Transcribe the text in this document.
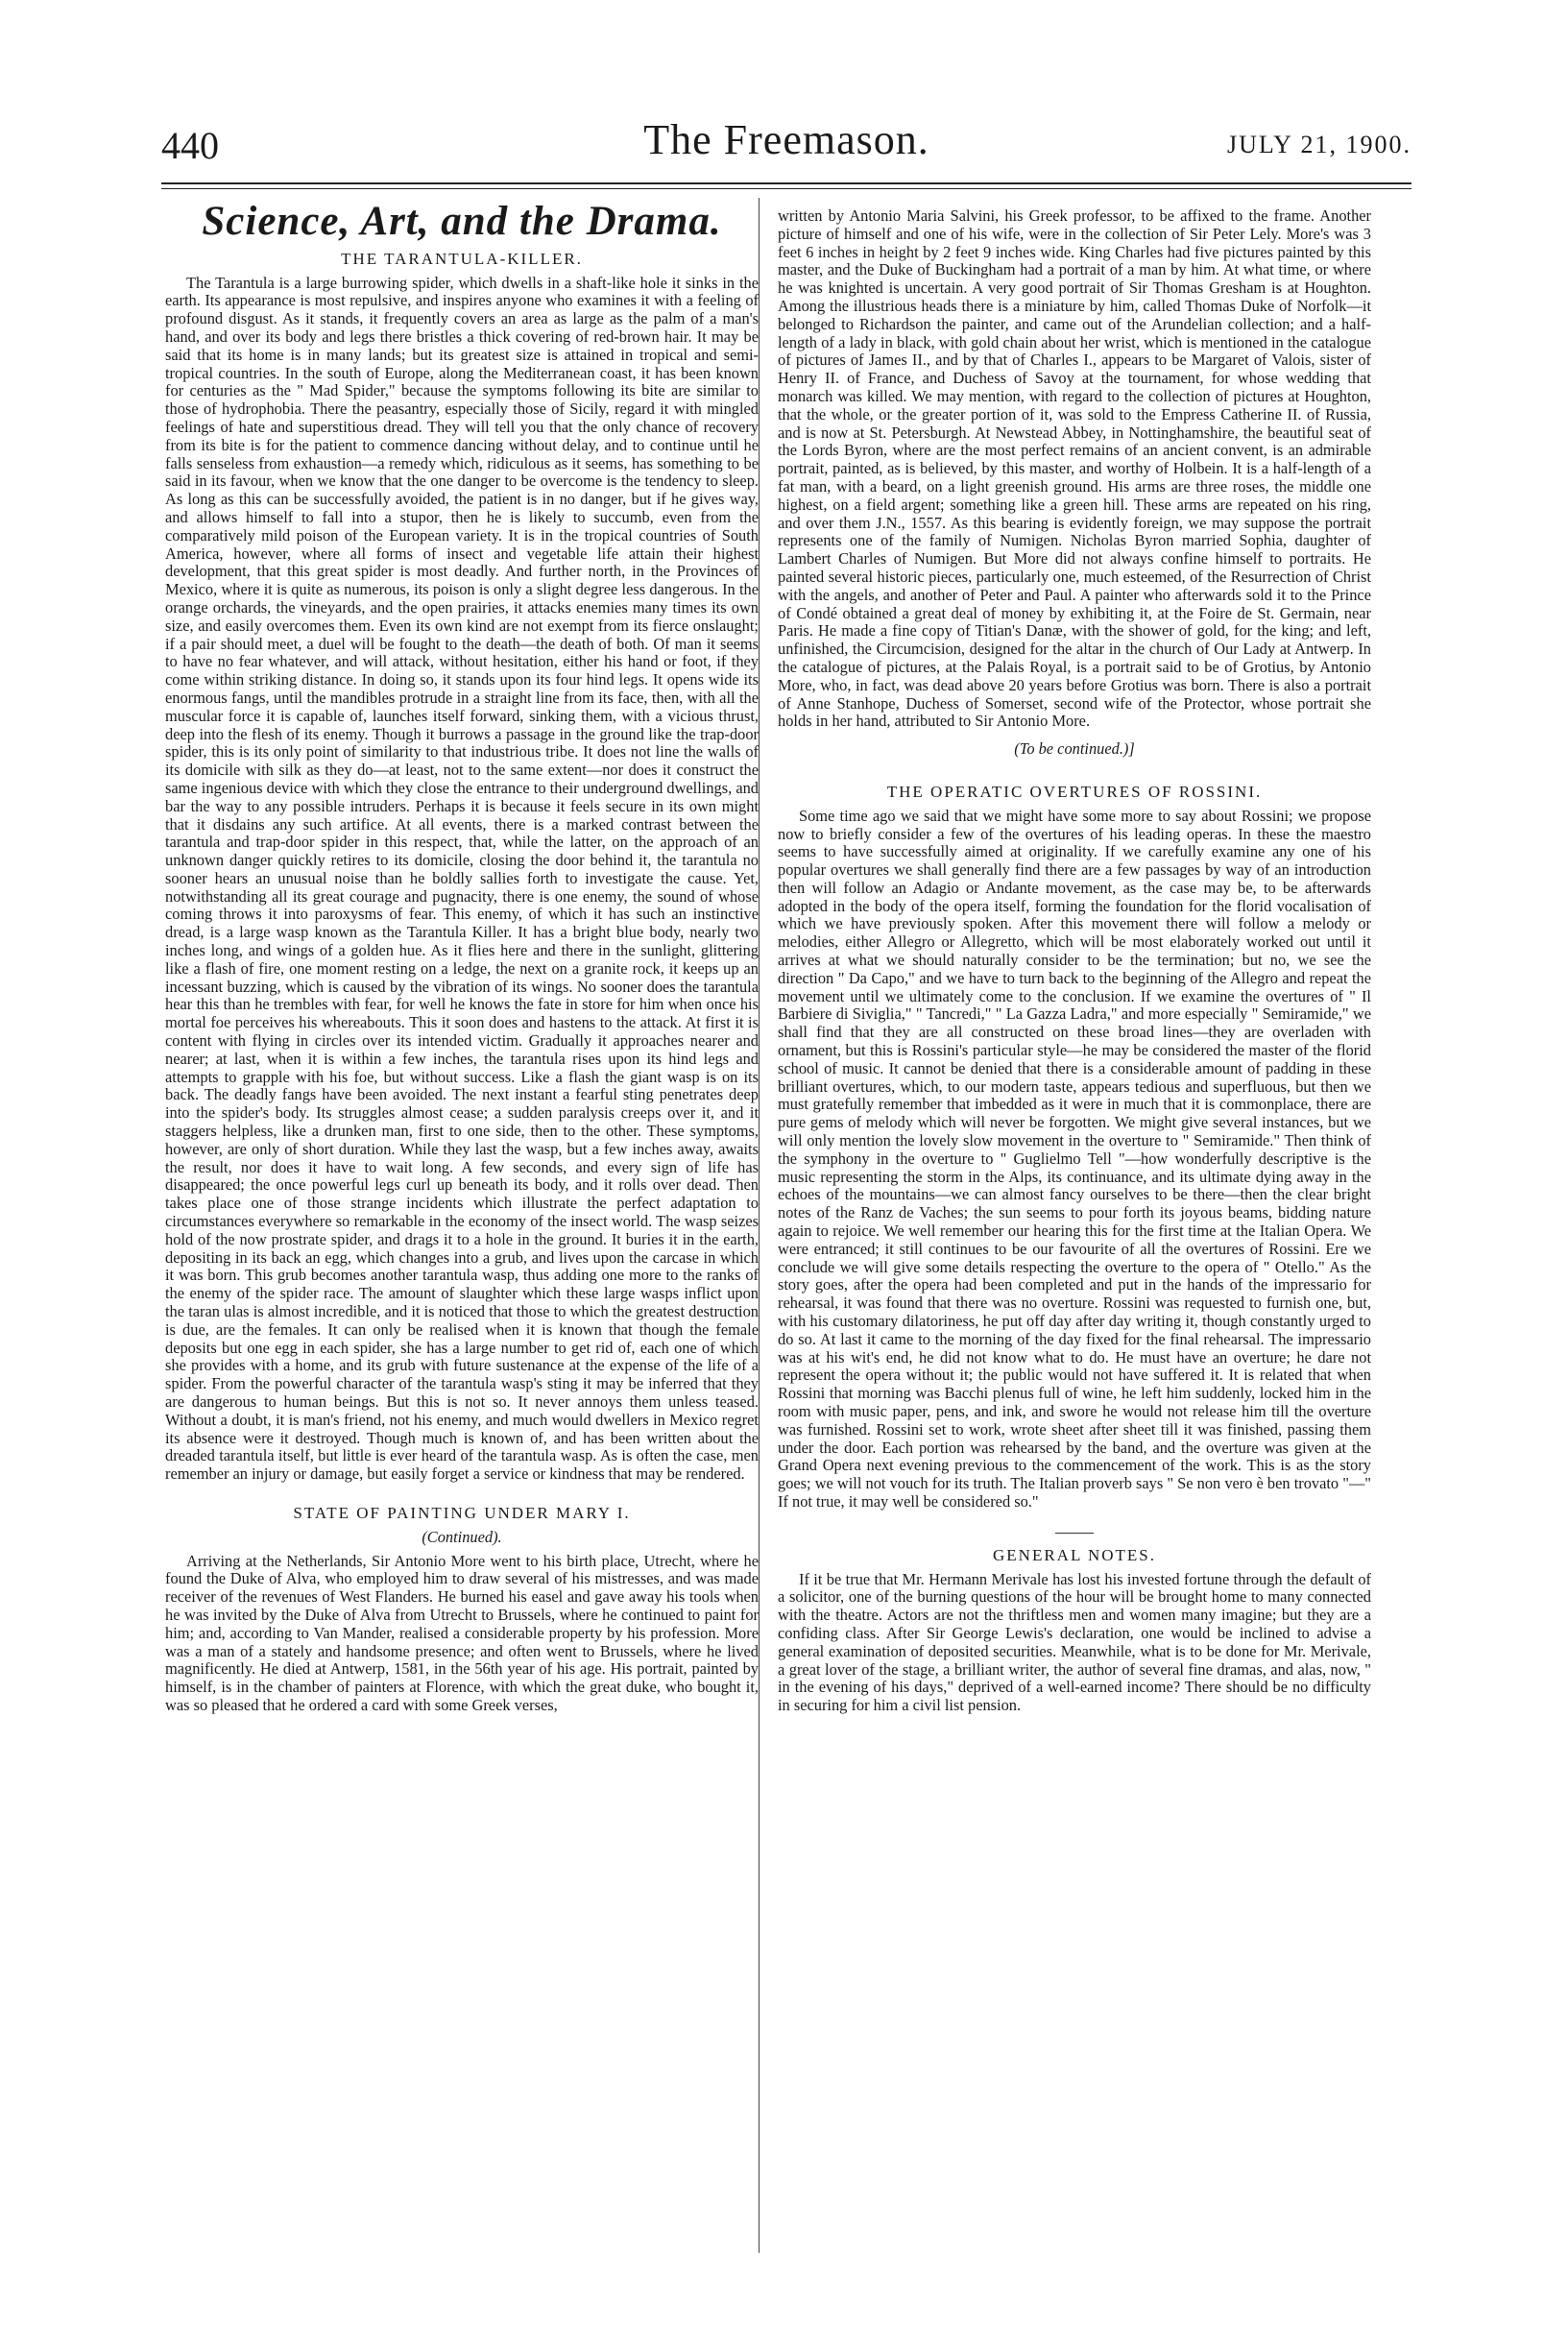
440	The Freemason.	JULY 21, 1900.
Science, Art, and the Drama.
THE TARANTULA-KILLER.

The Tarantula is a large burrowing spider, which dwells in a shaft-like hole it sinks in the earth. Its appearance is most repulsive, and inspires anyone who examines it with a feeling of profound disgust. As it stands, it frequently covers an area as large as the palm of a man's hand, and over its body and legs there bristles a thick covering of red-brown hair. It may be said that its home is in many lands; but its greatest size is attained in tropical and semi-tropical countries. In the south of Europe, along the Mediterranean coast, it has been known for centuries as the " Mad Spider," because the symptoms following its bite are similar to those of hydrophobia. There the peasantry, especially those of Sicily, regard it with mingled feelings of hate and superstitious dread. They will tell you that the only chance of recovery from its bite is for the patient to commence dancing without delay, and to continue until he falls senseless from exhaustion—a remedy which, ridiculous as it seems, has something to be said in its favour, when we know that the one danger to be overcome is the tendency to sleep. As long as this can be successfully avoided, the patient is in no danger, but if he gives way, and allows himself to fall into a stupor, then he is likely to succumb, even from the comparatively mild poison of the European variety. It is in the tropical countries of South America, however, where all forms of insect and vegetable life attain their highest development, that this great spider is most deadly. And further north, in the Provinces of Mexico, where it is quite as numerous, its poison is only a slight degree less dangerous. In the orange orchards, the vineyards, and the open prairies, it attacks enemies many times its own size, and easily overcomes them. Even its own kind are not exempt from its fierce onslaught; if a pair should meet, a duel will be fought to the death—the death of both. Of man it seems to have no fear whatever, and will attack, without hesitation, either his hand or foot, if they come within striking distance. In doing so, it stands upon its four hind legs. It opens wide its enormous fangs, until the mandibles protrude in a straight line from its face, then, with all the muscular force it is capable of, launches itself forward, sinking them, with a vicious thrust, deep into the flesh of its enemy. Though it burrows a passage in the ground like the trap-door spider, this is its only point of similarity to that industrious tribe. It does not line the walls of its domicile with silk as they do—at least, not to the same extent—nor does it construct the same ingenious device with which they close the entrance to their underground dwellings, and bar the way to any possible intruders. Perhaps it is because it feels secure in its own might that it disdains any such artifice. At all events, there is a marked contrast between the tarantula and trap-door spider in this respect, that, while the latter, on the approach of an unknown danger quickly retires to its domicile, closing the door behind it, the tarantula no sooner hears an unusual noise than he boldly sallies forth to investigate the cause. Yet, notwithstanding all its great courage and pugnacity, there is one enemy, the sound of whose coming throws it into paroxysms of fear. This enemy, of which it has such an instinctive dread, is a large wasp known as the Tarantula Killer. It has a bright blue body, nearly two inches long, and wings of a golden hue. As it flies here and there in the sunlight, glittering like a flash of fire, one moment resting on a ledge, the next on a granite rock, it keeps up an incessant buzzing, which is caused by the vibration of its wings. No sooner does the tarantula hear this than he trembles with fear, for well he knows the fate in store for him when once his mortal foe perceives his whereabouts. This it soon does and hastens to the attack. At first it is content with flying in circles over its intended victim. Gradually it approaches nearer and nearer; at last, when it is within a few inches, the tarantula rises upon its hind legs and attempts to grapple with his foe, but without success. Like a flash the giant wasp is on its back. The deadly fangs have been avoided. The next instant a fearful sting penetrates deep into the spider's body. Its struggles almost cease; a sudden paralysis creeps over it, and it staggers helpless, like a drunken man, first to one side, then to the other. These symptoms, however, are only of short duration. While they last the wasp, but a few inches away, awaits the result, nor does it have to wait long. A few seconds, and every sign of life has disappeared; the once powerful legs curl up beneath its body, and it rolls over dead. Then takes place one of those strange incidents which illustrate the perfect adaptation to circumstances everywhere so remarkable in the economy of the insect world. The wasp seizes hold of the now prostrate spider, and drags it to a hole in the ground. It buries it in the earth, depositing in its back an egg, which changes into a grub, and lives upon the carcase in which it was born. This grub becomes another tarantula wasp, thus adding one more to the ranks of the enemy of the spider race. The amount of slaughter which these large wasps inflict upon the taran ulas is almost incredible, and it is noticed that those to which the greatest destruction is due, are the females. It can only be realised when it is known that though the female deposits but one egg in each spider, she has a large number to get rid of, each one of which she provides with a home, and its grub with future sustenance at the expense of the life of a spider. From the powerful character of the tarantula wasp's sting it may be inferred that they are dangerous to human beings. But this is not so. It never annoys them unless teased. Without a doubt, it is man's friend, not his enemy, and much would dwellers in Mexico regret its absence were it destroyed. Though much is known of, and has been written about the dreaded tarantula itself, but little is ever heard of the tarantula wasp. As is often the case, men remember an injury or damage, but easily forget a service or kindness that may be rendered.

STATE OF PAINTING UNDER MARY I.
(Continued).

Arriving at the Netherlands, Sir Antonio More went to his birth place, Utrecht, where he found the Duke of Alva, who employed him to draw several of his mistresses, and was made receiver of the revenues of West Flanders. He burned his easel and gave away his tools when he was invited by the Duke of Alva from Utrecht to Brussels, where he continued to paint for him; and, according to Van Mander, realised a considerable property by his profession. More was a man of a stately and handsome presence; and often went to Brussels, where he lived magnificently. He died at Antwerp, 1581, in the 56th year of his age. His portrait, painted by himself, is in the chamber of painters at Florence, with which the great duke, who bought it, was so pleased that he ordered a card with some Greek verses,

written by Antonio Maria Salvini, his Greek professor, to be affixed to the frame. Another picture of himself and one of his wife, were in the collection of Sir Peter Lely. More's was 3 feet 6 inches in height by 2 feet 9 inches wide. King Charles had five pictures painted by this master, and the Duke of Buckingham had a portrait of a man by him. At what time, or where he was knighted is uncertain. A very good portrait of Sir Thomas Gresham is at Houghton. Among the illustrious heads there is a miniature by him, called Thomas Duke of Norfolk—it belonged to Richardson the painter, and came out of the Arundelian collection; and a half-length of a lady in black, with gold chain about her wrist, which is mentioned in the catalogue of pictures of James II., and by that of Charles I., appears to be Margaret of Valois, sister of Henry II. of France, and Duchess of Savoy at the tournament, for whose wedding that monarch was killed. We may mention, with regard to the collection of pictures at Houghton, that the whole, or the greater portion of it, was sold to the Empress Catherine II. of Russia, and is now at St. Petersburgh. At Newstead Abbey, in Nottinghamshire, the beautiful seat of the Lords Byron, where are the most perfect remains of an ancient convent, is an admirable portrait, painted, as is believed, by this master, and worthy of Holbein. It is a half-length of a fat man, with a beard, on a light greenish ground. His arms are three roses, the middle one highest, on a field argent; something like a green hill. These arms are repeated on his ring, and over them J.N., 1557. As this bearing is evidently foreign, we may suppose the portrait represents one of the family of Numigen. Nicholas Byron married Sophia, daughter of Lambert Charles of Numigen. But More did not always confine himself to portraits. He painted several historic pieces, particularly one, much esteemed, of the Resurrection of Christ with the angels, and another of Peter and Paul. A painter who afterwards sold it to the Prince of Condé obtained a great deal of money by exhibiting it, at the Foire de St. Germain, near Paris. He made a fine copy of Titian's Danæ, with the shower of gold, for the king; and left, unfinished, the Circumcision, designed for the altar in the church of Our Lady at Antwerp. In the catalogue of pictures, at the Palais Royal, is a portrait said to be of Grotius, by Antonio More, who, in fact, was dead above 20 years before Grotius was born. There is also a portrait of Anne Stanhope, Duchess of Somerset, second wife of the Protector, whose portrait she holds in her hand, attributed to Sir Antonio More.

(To be continued.)]
THE OPERATIC OVERTURES OF ROSSINI.

Some time ago we said that we might have some more to say about Rossini; we propose now to briefly consider a few of the overtures of his leading operas. In these the maestro seems to have successfully aimed at originality. If we carefully examine any one of his popular overtures we shall generally find there are a few passages by way of an introduction then will follow an Adagio or Andante movement, as the case may be, to be afterwards adopted in the body of the opera itself, forming the foundation for the florid vocalisation of which we have previously spoken. After this movement there will follow a melody or melodies, either Allegro or Allegretto, which will be most elaborately worked out until it arrives at what we should naturally consider to be the termination; but no, we see the direction " Da Capo," and we have to turn back to the beginning of the Allegro and repeat the movement until we ultimately come to the conclusion. If we examine the overtures of " Il Barbiere di Siviglia," " Tancredi," " La Gazza Ladra," and more especially " Semiramide," we shall find that they are all constructed on these broad lines—they are overladen with ornament, but this is Rossini's particular style—he may be considered the master of the florid school of music. It cannot be denied that there is a considerable amount of padding in these brilliant overtures, which, to our modern taste, appears tedious and superfluous, but then we must gratefully remember that imbedded as it were in much that it is commonplace, there are pure gems of melody which will never be forgotten. We might give several instances, but we will only mention the lovely slow movement in the overture to " Semiramide." Then think of the symphony in the overture to " Guglielmo Tell "—how wonderfully descriptive is the music representing the storm in the Alps, its continuance, and its ultimate dying away in the echoes of the mountains—we can almost fancy ourselves to be there—then the clear bright notes of the Ranz de Vaches; the sun seems to pour forth its joyous beams, bidding nature again to rejoice. We well remember our hearing this for the first time at the Italian Opera. We were entranced; it still continues to be our favourite of all the overtures of Rossini. Ere we conclude we will give some details respecting the overture to the opera of " Otello." As the story goes, after the opera had been completed and put in the hands of the impressario for rehearsal, it was found that there was no overture. Rossini was requested to furnish one, but, with his customary dilatoriness, he put off day after day writing it, though constantly urged to do so. At last it came to the morning of the day fixed for the final rehearsal. The impressario was at his wit's end, he did not know what to do. He must have an overture; he dare not represent the opera without it; the public would not have suffered it. It is related that when Rossini that morning was Bacchi plenus full of wine, he left him suddenly, locked him in the room with music paper, pens, and ink, and swore he would not release him till the overture was furnished. Rossini set to work, wrote sheet after sheet till it was finished, passing them under the door. Each portion was rehearsed by the band, and the overture was given at the Grand Opera next evening previous to the commencement of the work. This is as the story goes; we will not vouch for its truth. The Italian proverb says " Se non vero è ben trovato "—" If not true, it may well be considered so."

GENERAL NOTES.

If it be true that Mr. Hermann Merivale has lost his invested fortune through the default of a solicitor, one of the burning questions of the hour will be brought home to many connected with the theatre. Actors are not the thriftless men and women many imagine; but they are a confiding class. After Sir George Lewis's declaration, one would be inclined to advise a general examination of deposited securities. Meanwhile, what is to be done for Mr. Merivale, a great lover of the stage, a brilliant writer, the author of several fine dramas, and alas, now, " in the evening of his days," deprived of a well-earned income? There should be no difficulty in securing for him a civil list pension.
